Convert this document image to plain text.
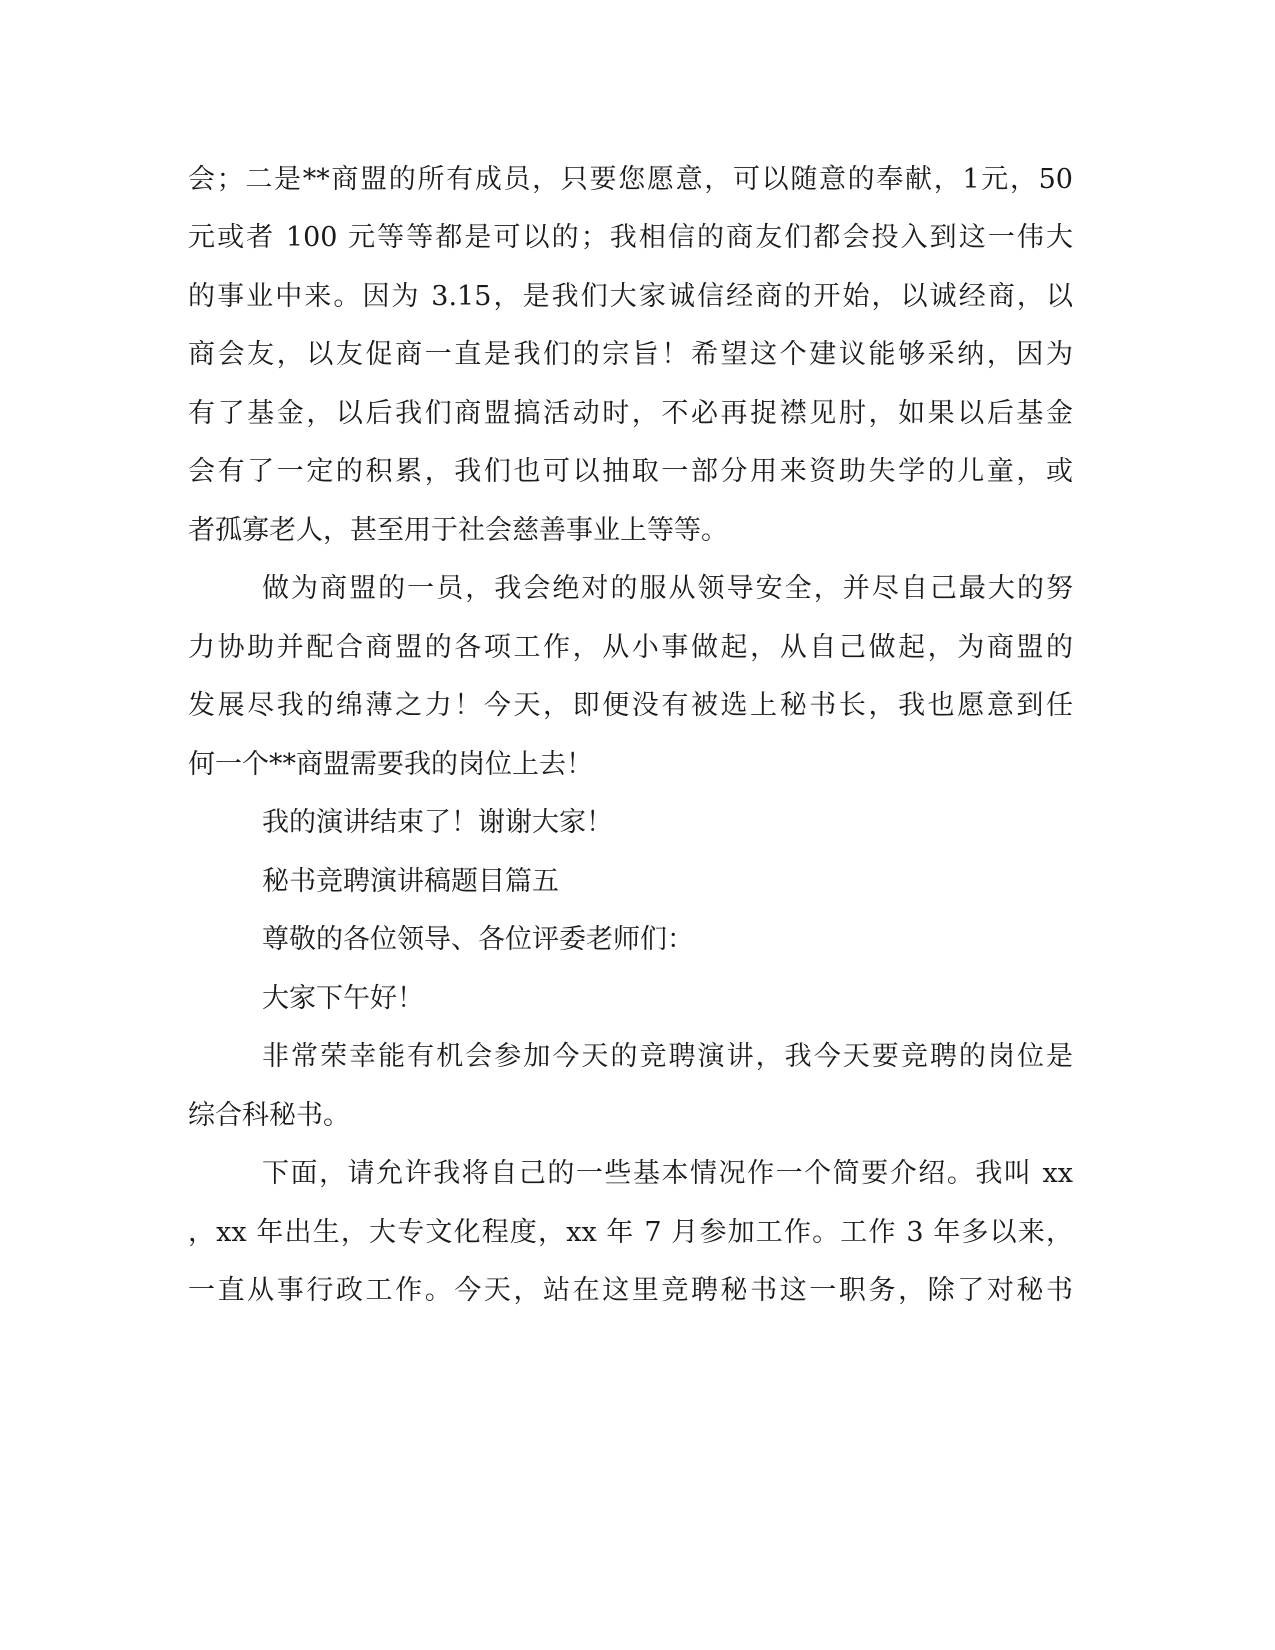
会；二是**商盟的所有成员，只要您愿意，可以随意的奉献，1元，50
元或者 100 元等等都是可以的；我相信的商友们都会投入到这一伟大
的事业中来。因为 3.15，是我们大家诚信经商的开始，以诚经商，以
商会友，以友促商一直是我们的宗旨！希望这个建议能够采纳，因为
有了基金，以后我们商盟搞活动时，不必再捉襟见肘，如果以后基金
会有了一定的积累，我们也可以抽取一部分用来资助失学的儿童，或
者孤寡老人，甚至用于社会慈善事业上等等。
做为商盟的一员，我会绝对的服从领导安全，并尽自己最大的努
力协助并配合商盟的各项工作，从小事做起，从自己做起，为商盟的
发展尽我的绵薄之力！今天，即便没有被选上秘书长，我也愿意到任
何一个**商盟需要我的岗位上去！
我的演讲结束了！谢谢大家！
秘书竞聘演讲稿题目篇五
尊敬的各位领导、各位评委老师们：
大家下午好！
非常荣幸能有机会参加今天的竞聘演讲，我今天要竞聘的岗位是
综合科秘书。
下面，请允许我将自己的一些基本情况作一个简要介绍。我叫 xx
，xx 年出生，大专文化程度，xx 年 7 月参加工作。工作 3 年多以来，
一直从事行政工作。今天，站在这里竞聘秘书这一职务，除了对秘书
